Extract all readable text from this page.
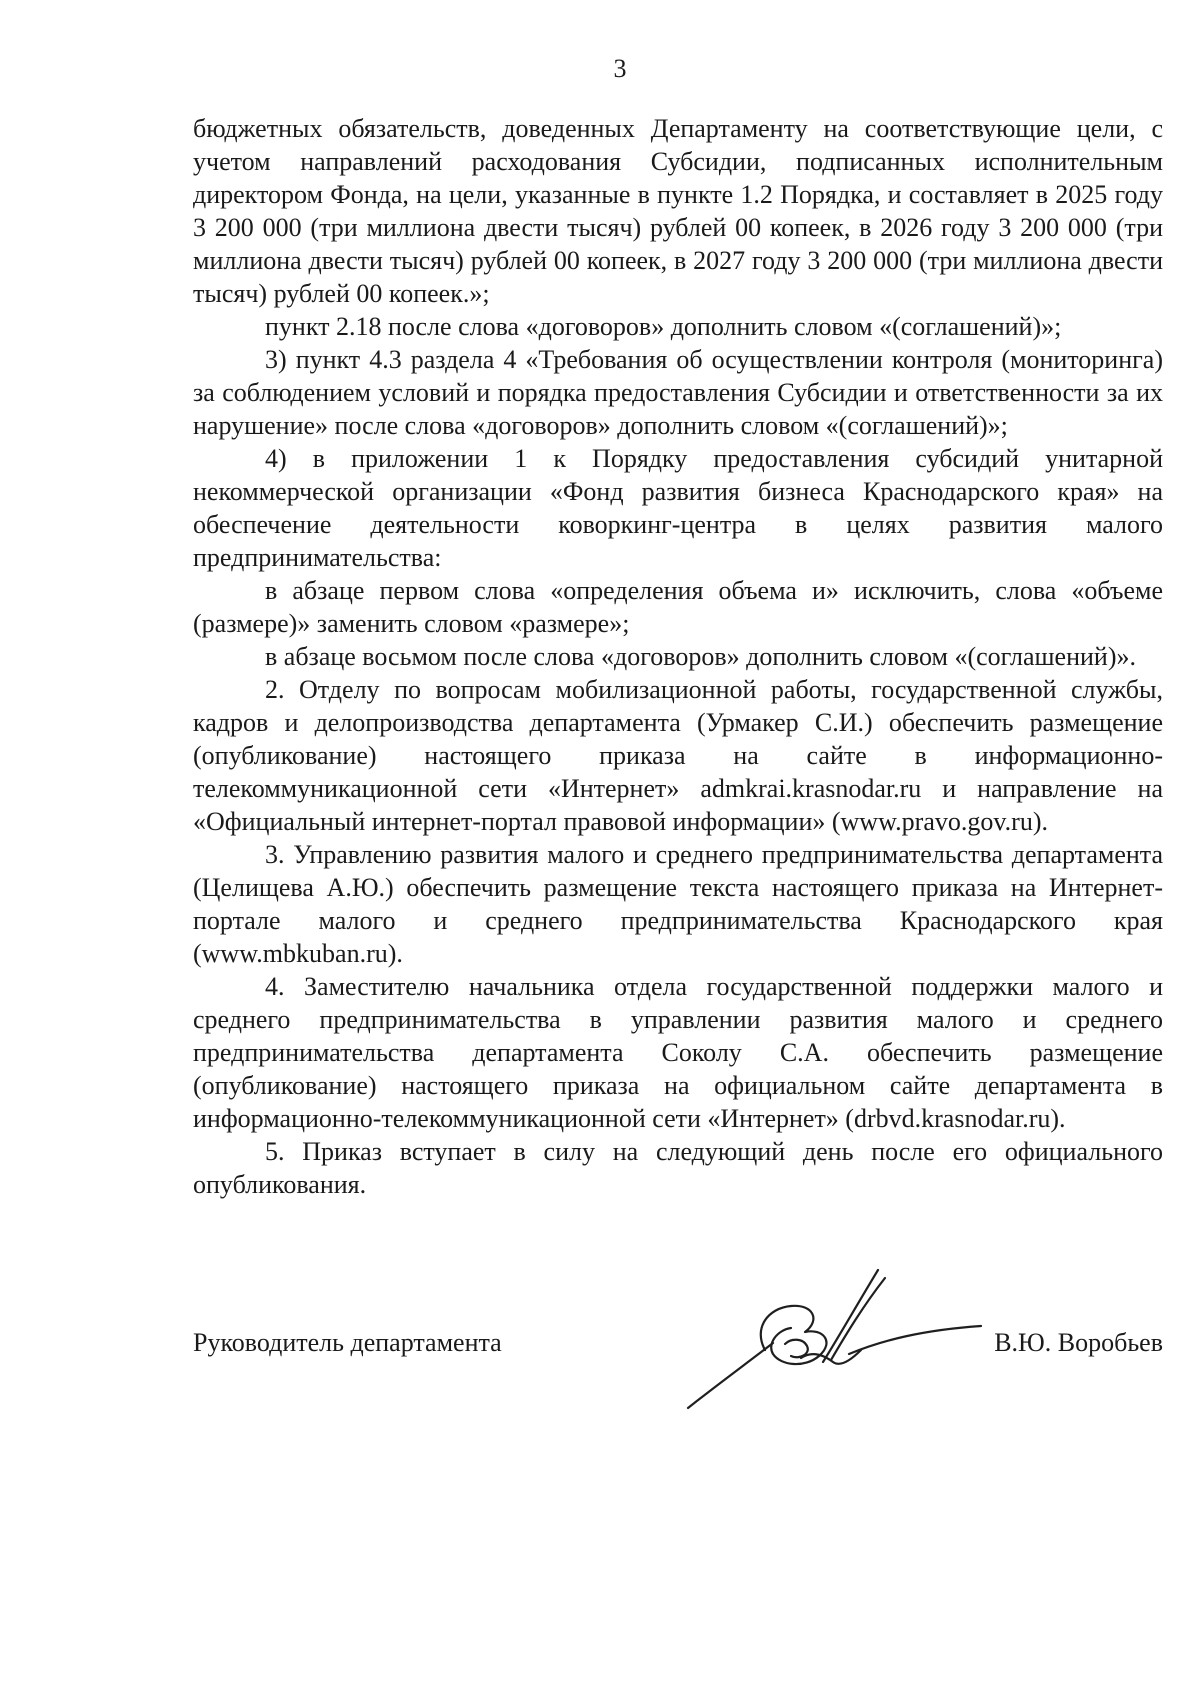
3

бюджетных обязательств, доведенных Департаменту на соответствующие цели, с учетом направлений расходования Субсидии, подписанных исполнительным директором Фонда, на цели, указанные в пункте 1.2 Порядка, и составляет в 2025 году 3 200 000 (три миллиона двести тысяч) рублей 00 копеек, в 2026 году 3 200 000 (три миллиона двести тысяч) рублей 00 копеек, в 2027 году 3 200 000 (три миллиона двести тысяч) рублей 00 копеек.»;

пункт 2.18 после слова «договоров» дополнить словом «(соглашений)»;

3) пункт 4.3 раздела 4 «Требования об осуществлении контроля (мониторинга) за соблюдением условий и порядка предоставления Субсидии и ответственности за их нарушение» после слова «договоров» дополнить словом «(соглашений)»;

4) в приложении 1 к Порядку предоставления субсидий унитарной некоммерческой организации «Фонд развития бизнеса Краснодарского края» на обеспечение деятельности коворкинг-центра в целях развития малого предпринимательства:

в абзаце первом слова «определения объема и» исключить, слова «объеме (размере)» заменить словом «размере»;

в абзаце восьмом после слова «договоров» дополнить словом «(соглашений)».

2. Отделу по вопросам мобилизационной работы, государственной службы, кадров и делопроизводства департамента (Урмакер С.И.) обеспечить размещение (опубликование) настоящего приказа на сайте в информационно-телекоммуникационной сети «Интернет» admkrai.krasnodar.ru и направление на «Официальный интернет-портал правовой информации» (www.pravo.gov.ru).

3. Управлению развития малого и среднего предпринимательства департамента (Целищева А.Ю.) обеспечить размещение текста настоящего приказа на Интернет-портале малого и среднего предпринимательства Краснодарского края (www.mbkuban.ru).

4. Заместителю начальника отдела государственной поддержки малого и среднего предпринимательства в управлении развития малого и среднего предпринимательства департамента Соколу С.А. обеспечить размещение (опубликование) настоящего приказа на официальном сайте департамента в информационно-телекоммуникационной сети «Интернет» (drbvd.krasnodar.ru).

5. Приказ вступает в силу на следующий день после его официального опубликования.

Руководитель департамента	В.Ю. Воробьев
